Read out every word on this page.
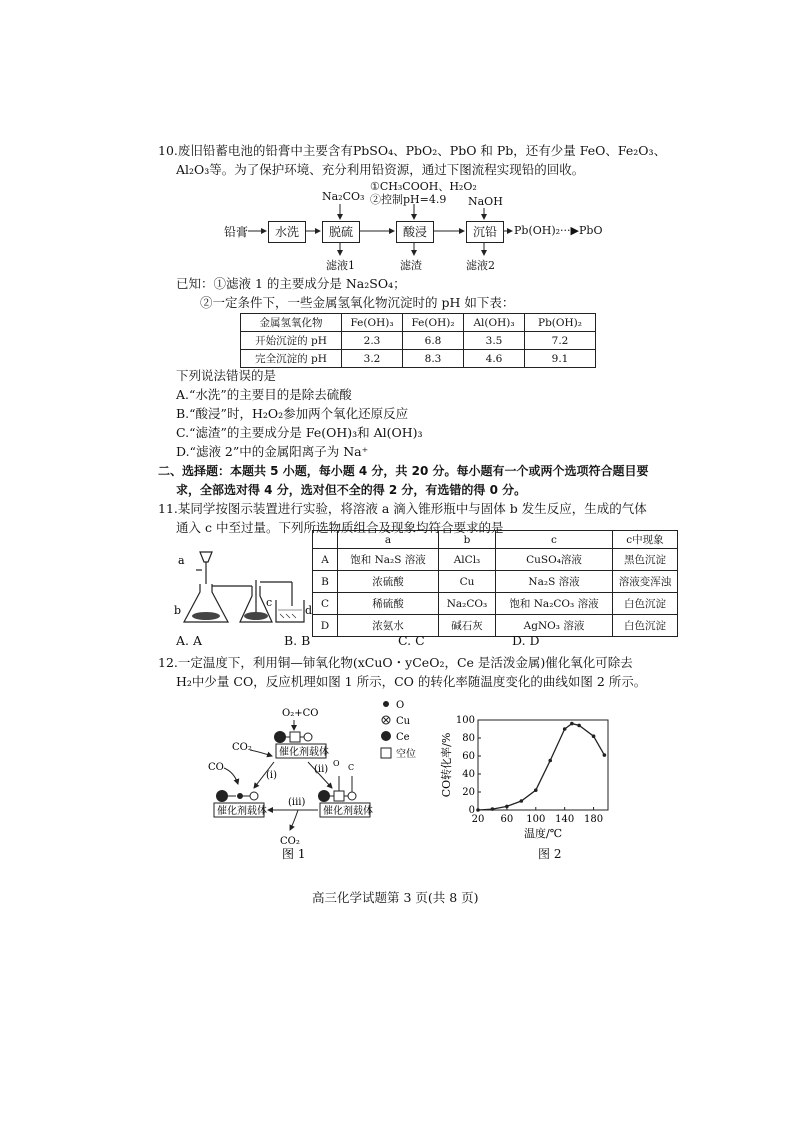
10.废旧铅蓄电池的铅膏中主要含有PbSO₄、PbO₂、PbO 和 Pb，还有少量 FeO、Fe₂O₃、
Al₂O₃等。为了保护环境、充分利用铅资源，通过下图流程实现铅的回收。
Na₂CO₃
①CH₃COOH、H₂O₂
②控制pH=4.9 NaOH
铅膏	水洗	脱硫	酸浸	沉铅	Pb(OH)₂···▶PbO
滤液1	滤渣	滤液2
已知：①滤液 1 的主要成分是 Na₂SO₄；
②一定条件下，一些金属氢氧化物沉淀时的 pH 如下表：
金属氢氧化物	Fe(OH)₃	Fe(OH)₂	Al(OH)₃	Pb(OH)₂
开始沉淀的 pH	2.3	6.8	3.5	7.2
完全沉淀的 pH	3.2	8.3	4.6	9.1
下列说法错误的是
A.“水洗”的主要目的是除去硫酸
B.“酸浸”时，H₂O₂参加两个氧化还原反应
C.“滤渣”的主要成分是 Fe(OH)₃和 Al(OH)₃
D.“滤液 2”中的金属阳离子为 Na⁺
二、选择题：本题共 5 小题，每小题 4 分，共 20 分。每小题有一个或两个选项符合题目要
求，全部选对得 4 分，选对但不全的得 2 分，有选错的得 0 分。
11.某同学按图示装置进行实验，将溶液 a 滴入锥形瓶中与固体 b 发生反应，生成的气体
通入 c 中至过量。下列所选物质组合及现象均符合要求的是
a
b
c
d
	a	b	c	c中现象
A	饱和 Na₂S 溶液	AlCl₃	CuSO₄溶液	黑色沉淀
B	浓硫酸	Cu	Na₂S 溶液	溶液变浑浊
C	稀硫酸	Na₂CO₃	饱和 Na₂CO₃ 溶液	白色沉淀
D	浓氨水	碱石灰	AgNO₃ 溶液	白色沉淀
A. A	B. B	C. C	D. D
12.一定温度下，利用铜—铈氧化物(xCuO・yCeO₂，Ce 是活泼金属)催化氧化可除去
H₂中少量 CO，反应机理如图 1 所示，CO 的转化率随温度变化的曲线如图 2 所示。
O₂+CO
催化剂载体
CO₂
(i)
(ii)
CO
催化剂载体
O C
催化剂载体
(iii)
CO₂
O
Cu
Ce
空位
图 1
20 60 100 140 180
0
20
40
60
80
100
温度/℃
CO转化率/%
图 2
高三化学试题第 3 页(共 8 页)
